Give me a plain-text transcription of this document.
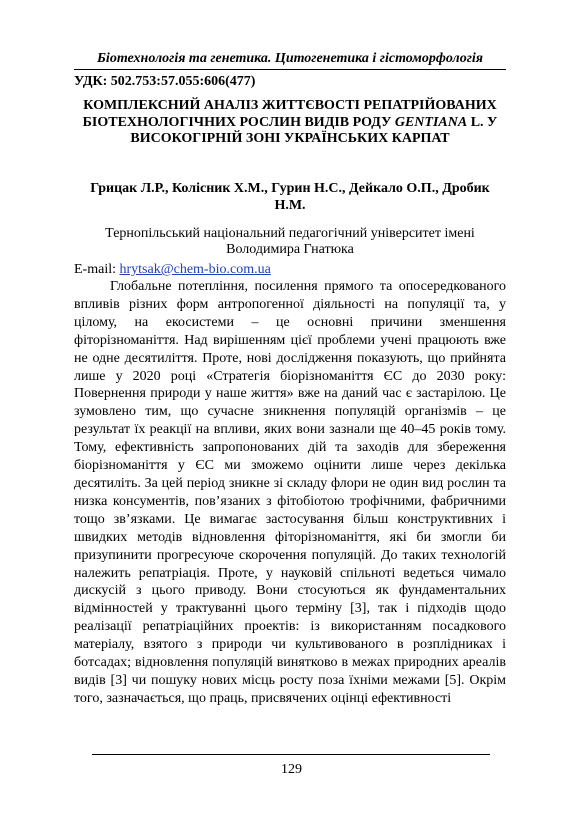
Біотехнологія та генетика. Цитогенетика і гістоморфологія
УДК: 502.753:57.055:606(477)
КОМПЛЕКСНИЙ АНАЛІЗ ЖИТТЄВОСТІ РЕПАТРІЙОВАНИХ БІОТЕХНОЛОГІЧНИХ РОСЛИН ВИДІВ РОДУ GENTIANA L. У ВИСОКОГІРНІЙ ЗОНІ УКРАЇНСЬКИХ КАРПАТ
Грицак Л.Р., Колісник Х.М., Гурин Н.С., Дейкало О.П., Дробик Н.М.
Тернопільський національний педагогічний університет імені Володимира Гнатюка
E-mail: hrytsak@chem-bio.com.ua

Глобальне потепління, посилення прямого та опосередкованого впливів різних форм антропогенної діяльності на популяції та, у цілому, на екосистеми – це основні причини зменшення фіторізноманіття. Над вирішенням цієї проблеми учені працюють вже не одне десятиліття. Проте, нові дослідження показують, що прийнята лише у 2020 році «Стратегія біорізноманіття ЄС до 2030 року: Повернення природи у наше життя» вже на даний час є застарілою. Це зумовлено тим, що сучасне зникнення популяцій організмів – це результат їх реакції на впливи, яких вони зазнали ще 40–45 років тому. Тому, ефективність запропонованих дій та заходів для збереження біорізноманіття у ЄС ми зможемо оцінити лише через декілька десятиліть. За цей період зникне зі складу флори не один вид рослин та низка консументів, пов’язаних з фітобіотою трофічними, фабричними тощо зв’язками. Це вимагає застосування більш конструктивних і швидких методів відновлення фіторізноманіття, які би змогли би призупинити прогресуюче скорочення популяцій. До таких технологій належить репатріація. Проте, у науковій спільноті ведеться чимало дискусій з цього приводу. Вони стосуються як фундаментальних відмінностей у трактуванні цього терміну [3], так і підходів щодо реалізації репатріаційних проектів: із використанням посадкового матеріалу, взятого з природи чи культивованого в розплідниках і ботсадах; відновлення популяцій винятково в межах природних ареалів видів [3] чи пошуку нових місць росту поза їхніми межами [5]. Окрім того, зазначається, що праць, присвячених оцінці ефективності

129
